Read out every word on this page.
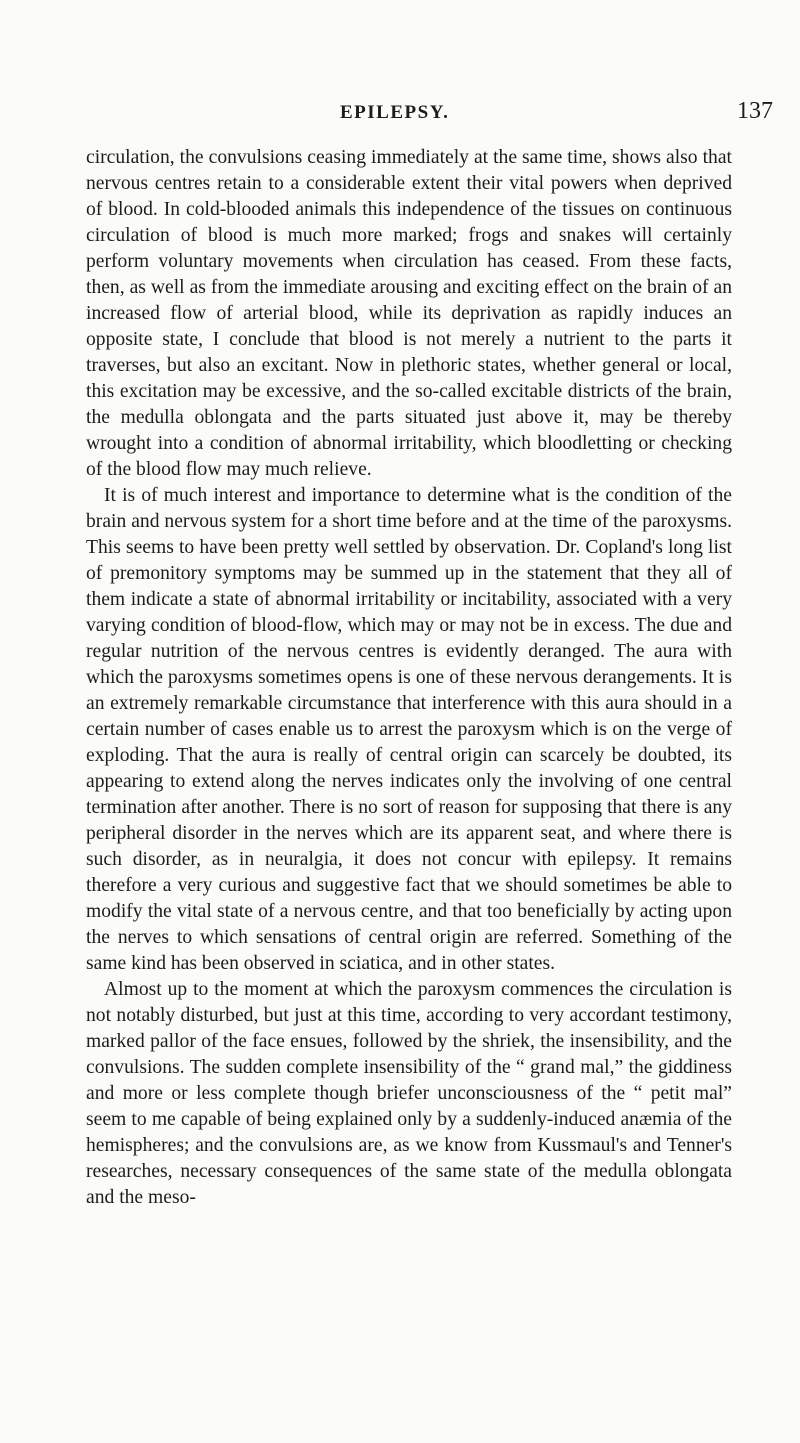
EPILEPSY.	137

circulation, the convulsions ceasing immediately at the same time, shows also that nervous centres retain to a considerable extent their vital powers when deprived of blood. In cold-blooded animals this independence of the tissues on continuous circulation of blood is much more marked; frogs and snakes will certainly perform voluntary movements when circulation has ceased. From these facts, then, as well as from the immediate arousing and exciting effect on the brain of an increased flow of arterial blood, while its deprivation as rapidly induces an opposite state, I conclude that blood is not merely a nutrient to the parts it traverses, but also an excitant. Now in plethoric states, whether general or local, this excitation may be excessive, and the so-called excitable districts of the brain, the medulla oblongata and the parts situated just above it, may be thereby wrought into a condition of abnormal irritability, which bloodletting or checking of the blood flow may much relieve.

It is of much interest and importance to determine what is the condition of the brain and nervous system for a short time before and at the time of the paroxysms. This seems to have been pretty well settled by observation. Dr. Copland's long list of premonitory symptoms may be summed up in the statement that they all of them indicate a state of abnormal irritability or incitability, associated with a very varying condition of blood-flow, which may or may not be in excess. The due and regular nutrition of the nervous centres is evidently deranged. The aura with which the paroxysms sometimes opens is one of these nervous derangements. It is an extremely remarkable circumstance that interference with this aura should in a certain number of cases enable us to arrest the paroxysm which is on the verge of exploding. That the aura is really of central origin can scarcely be doubted, its appearing to extend along the nerves indicates only the involving of one central termination after another. There is no sort of reason for supposing that there is any peripheral disorder in the nerves which are its apparent seat, and where there is such disorder, as in neuralgia, it does not concur with epilepsy. It remains therefore a very curious and suggestive fact that we should sometimes be able to modify the vital state of a nervous centre, and that too beneficially by acting upon the nerves to which sensations of central origin are referred. Something of the same kind has been observed in sciatica, and in other states.

Almost up to the moment at which the paroxysm commences the circulation is not notably disturbed, but just at this time, according to very accordant testimony, marked pallor of the face ensues, followed by the shriek, the insensibility, and the convulsions. The sudden complete insensibility of the “ grand mal,” the giddiness and more or less complete though briefer unconsciousness of the “ petit mal” seem to me capable of being explained only by a suddenly-induced anæmia of the hemispheres; and the convulsions are, as we know from Kussmaul's and Tenner's researches, necessary consequences of the same state of the medulla oblongata and the meso-
